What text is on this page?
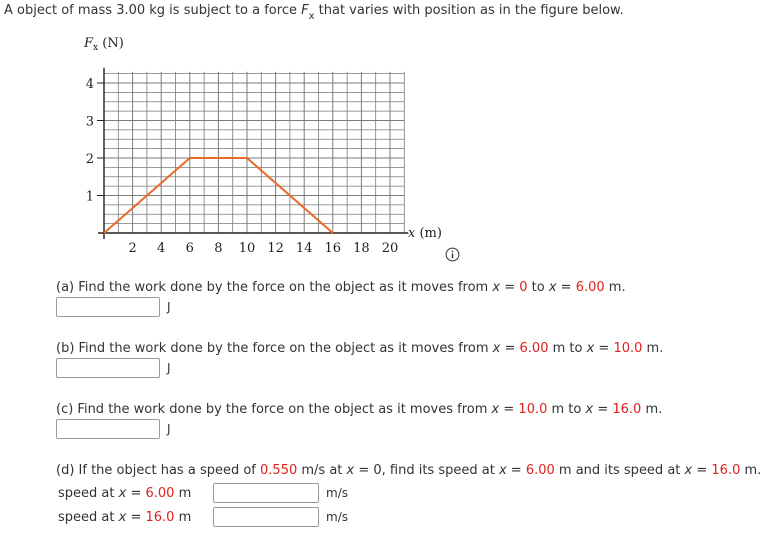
A object of mass 3.00 kg is subject to a force $F_x$ that varies with position as in the figure below.
$F_x$ (N)
1
2
3
4
2 4 6 8 10 12 14 16 18 20
x (m)
(a) Find the work done by the force on the object as it moves from x = 0 to x = 6.00 m.
J
(b) Find the work done by the force on the object as it moves from x = 6.00 m to x = 10.0 m.
J
(c) Find the work done by the force on the object as it moves from x = 10.0 m to x = 16.0 m.
J
(d) If the object has a speed of 0.550 m/s at x = 0, find its speed at x = 6.00 m and its speed at x = 16.0 m.
speed at x = 6.00 m	m/s
speed at x = 16.0 m	m/s
